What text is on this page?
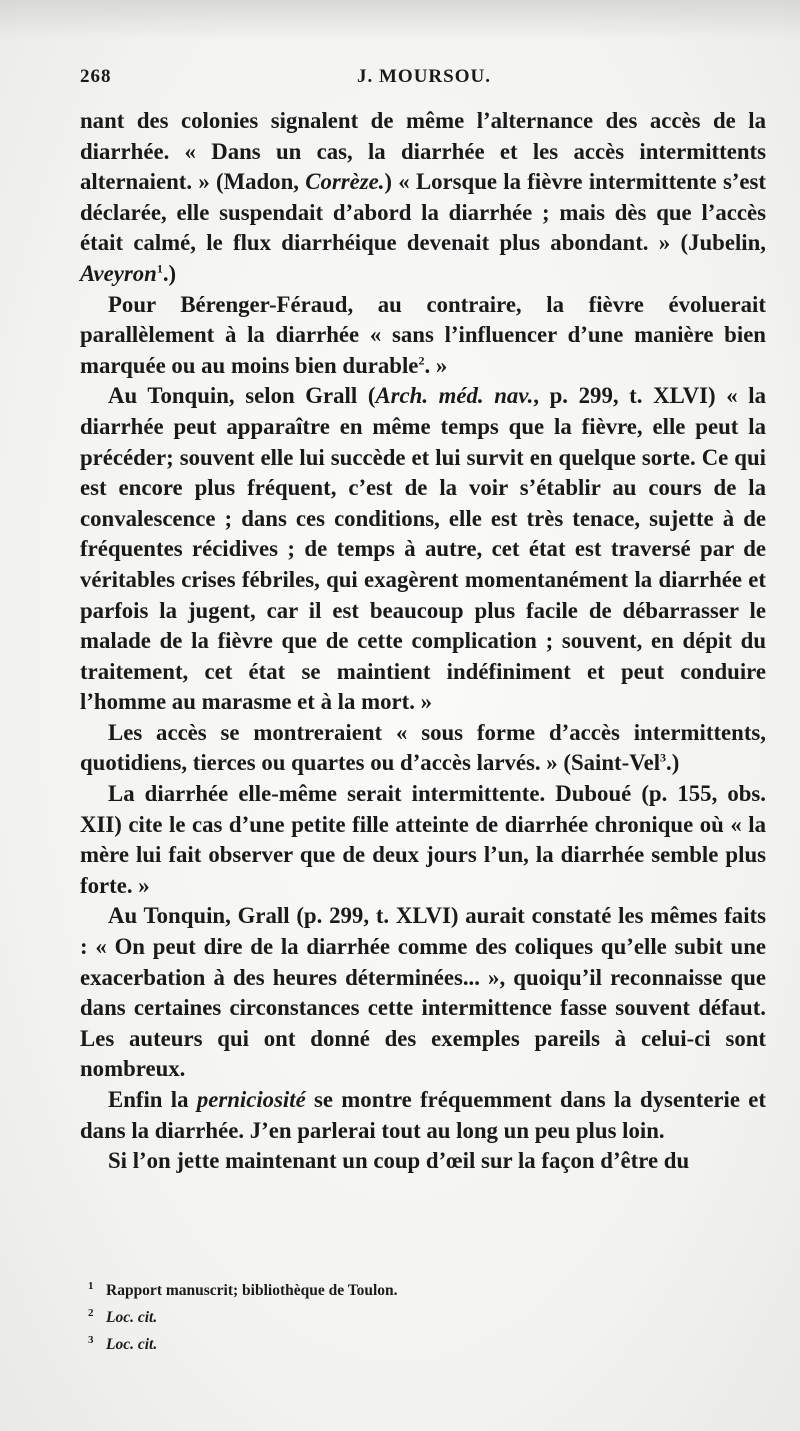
268	J. MOURSOU.

nant des colonies signalent de même l’alternance des accès de la diarrhée. « Dans un cas, la diarrhée et les accès intermittents alternaient. » (Madon, Corrèze.) « Lorsque la fièvre intermittente s’est déclarée, elle suspendait d’abord la diarrhée ; mais dès que l’accès était calmé, le flux diarrhéique devenait plus abondant. » (Jubelin, Aveyron$^1$.)

Pour Bérenger-Féraud, au contraire, la fièvre évoluerait parallèlement à la diarrhée « sans l’influencer d’une manière bien marquée ou au moins bien durable$^2$. »

Au Tonquin, selon Grall (Arch. méd. nav., p. 299, t. XLVI) « la diarrhée peut apparaître en même temps que la fièvre, elle peut la précéder; souvent elle lui succède et lui survit en quelque sorte. Ce qui est encore plus fréquent, c’est de la voir s’établir au cours de la convalescence ; dans ces conditions, elle est très tenace, sujette à de fréquentes récidives ; de temps à autre, cet état est traversé par de véritables crises fébriles, qui exagèrent momentanément la diarrhée et parfois la jugent, car il est beaucoup plus facile de débarrasser le malade de la fièvre que de cette complication ; souvent, en dépit du traitement, cet état se maintient indéfiniment et peut conduire l’homme au marasme et à la mort. »

Les accès se montreraient « sous forme d’accès intermittents, quotidiens, tierces ou quartes ou d’accès larvés. » (Saint-Vel$^3$.)

La diarrhée elle-même serait intermittente. Duboué (p. 155, obs. XII) cite le cas d’une petite fille atteinte de diarrhée chronique où « la mère lui fait observer que de deux jours l’un, la diarrhée semble plus forte. »

Au Tonquin, Grall (p. 299, t. XLVI) aurait constaté les mêmes faits : « On peut dire de la diarrhée comme des coliques qu’elle subit une exacerbation à des heures déterminées... », quoiqu’il reconnaisse que dans certaines circonstances cette intermittence fasse souvent défaut. Les auteurs qui ont donné des exemples pareils à celui-ci sont nombreux.

Enfin la perniciosité se montre fréquemment dans la dysenterie et dans la diarrhée. J’en parlerai tout au long un peu plus loin.

Si l’on jette maintenant un coup d’œil sur la façon d’être du

$^1$ Rapport manuscrit; bibliothèque de Toulon.

$^2$ Loc. cit.

$^3$ Loc. cit.
